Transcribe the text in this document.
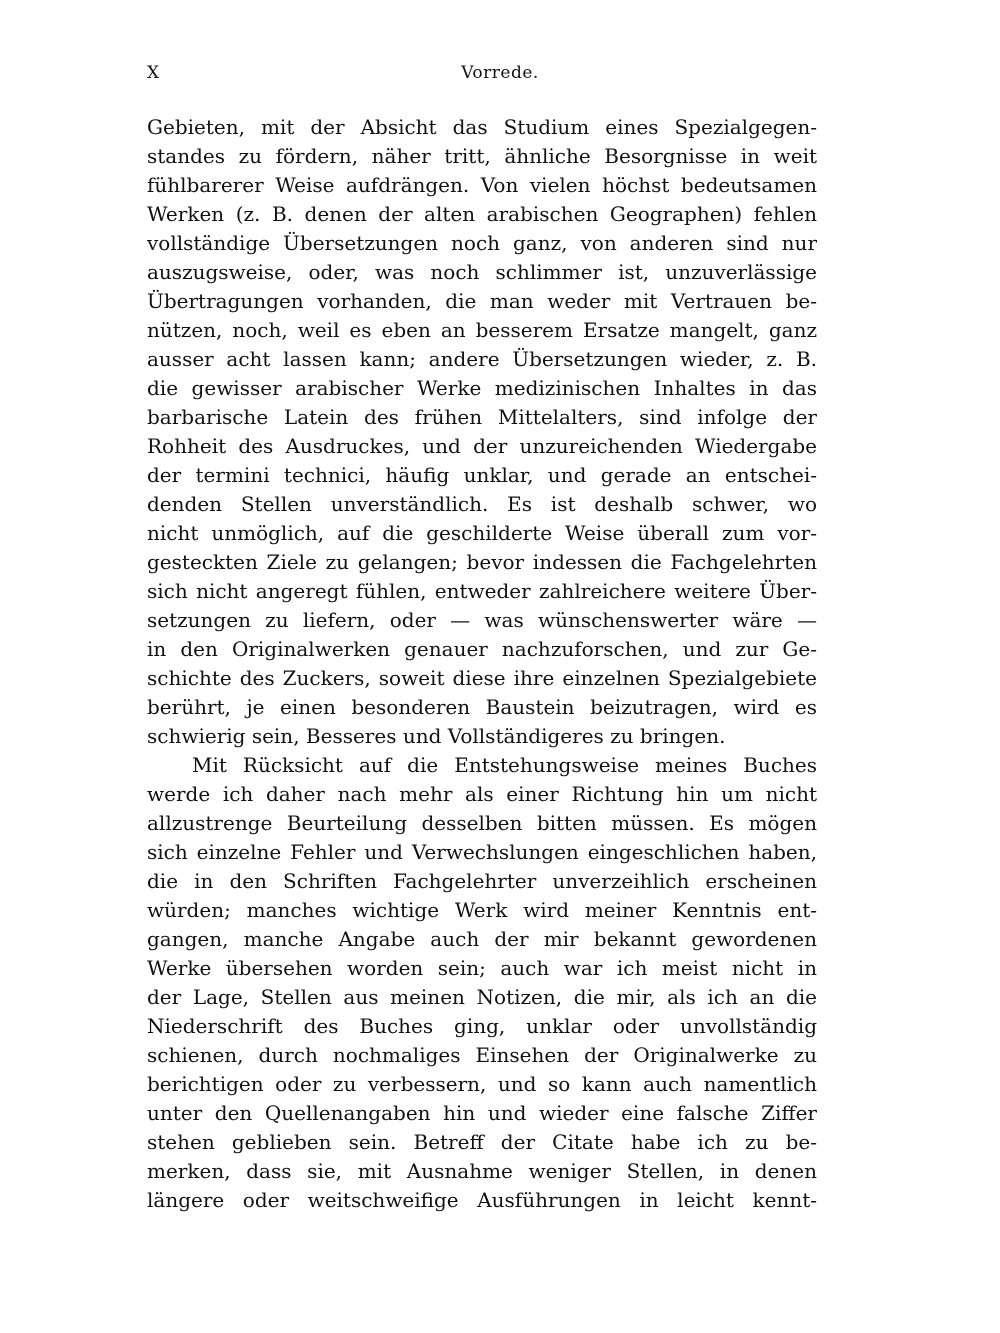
X	Vorrede.
Gebieten, mit der Absicht das Studium eines Spezialgegen-
standes zu fördern, näher tritt, ähnliche Besorgnisse in weit
fühlbarerer Weise aufdrängen. Von vielen höchst bedeutsamen
Werken (z. B. denen der alten arabischen Geographen) fehlen
vollständige Übersetzungen noch ganz, von anderen sind nur
auszugsweise, oder, was noch schlimmer ist, unzuverlässige
Übertragungen vorhanden, die man weder mit Vertrauen be-
nützen, noch, weil es eben an besserem Ersatze mangelt, ganz
ausser acht lassen kann; andere Übersetzungen wieder, z. B.
die gewisser arabischer Werke medizinischen Inhaltes in das
barbarische Latein des frühen Mittelalters, sind infolge der
Rohheit des Ausdruckes, und der unzureichenden Wiedergabe
der termini technici, häufig unklar, und gerade an entschei-
denden Stellen unverständlich. Es ist deshalb schwer, wo
nicht unmöglich, auf die geschilderte Weise überall zum vor-
gesteckten Ziele zu gelangen; bevor indessen die Fachgelehrten
sich nicht angeregt fühlen, entweder zahlreichere weitere Über-
setzungen zu liefern, oder — was wünschenswerter wäre —
in den Originalwerken genauer nachzuforschen, und zur Ge-
schichte des Zuckers, soweit diese ihre einzelnen Spezialgebiete
berührt, je einen besonderen Baustein beizutragen, wird es
schwierig sein, Besseres und Vollständigeres zu bringen.
Mit Rücksicht auf die Entstehungsweise meines Buches
werde ich daher nach mehr als einer Richtung hin um nicht
allzustrenge Beurteilung desselben bitten müssen. Es mögen
sich einzelne Fehler und Verwechslungen eingeschlichen haben,
die in den Schriften Fachgelehrter unverzeihlich erscheinen
würden; manches wichtige Werk wird meiner Kenntnis ent-
gangen, manche Angabe auch der mir bekannt gewordenen
Werke übersehen worden sein; auch war ich meist nicht in
der Lage, Stellen aus meinen Notizen, die mir, als ich an die
Niederschrift des Buches ging, unklar oder unvollständig
schienen, durch nochmaliges Einsehen der Originalwerke zu
berichtigen oder zu verbessern, und so kann auch namentlich
unter den Quellenangaben hin und wieder eine falsche Ziffer
stehen geblieben sein. Betreff der Citate habe ich zu be-
merken, dass sie, mit Ausnahme weniger Stellen, in denen
längere oder weitschweifige Ausführungen in leicht kennt-
